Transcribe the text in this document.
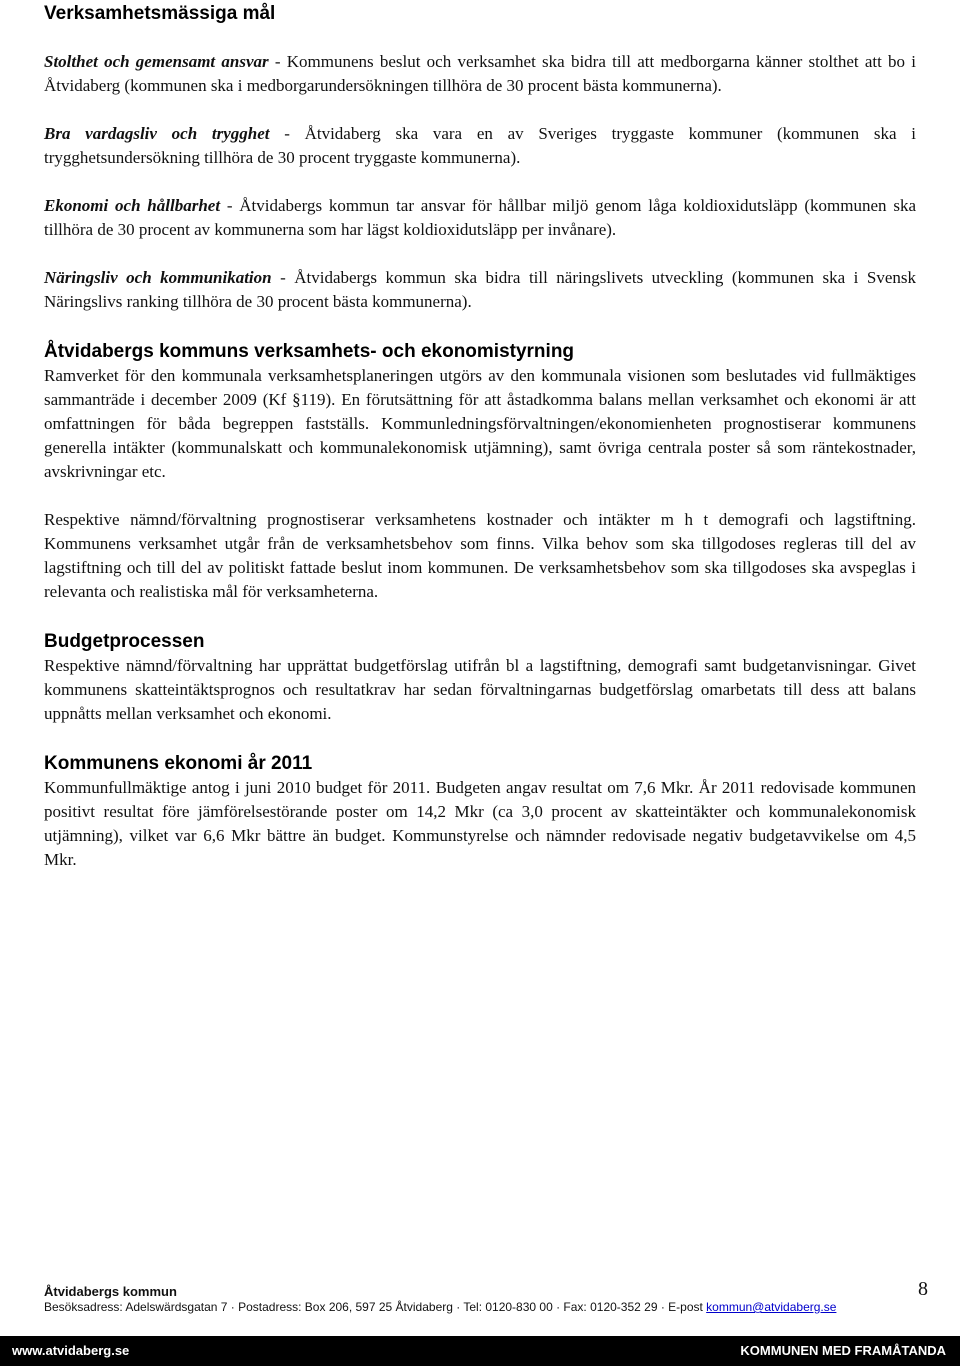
Verksamhetsmässiga mål

Stolthet och gemensamt ansvar - Kommunens beslut och verksamhet ska bidra till att medborgarna känner stolthet att bo i Åtvidaberg (kommunen ska i medborgarundersökningen tillhöra de 30 procent bästa kommunerna).

Bra vardagsliv och trygghet - Åtvidaberg ska vara en av Sveriges tryggaste kommuner (kommunen ska i trygghetsundersökning tillhöra de 30 procent tryggaste kommunerna).

Ekonomi och hållbarhet - Åtvidabergs kommun tar ansvar för hållbar miljö genom låga koldioxidutsläpp (kommunen ska tillhöra de 30 procent av kommunerna som har lägst koldioxidutsläpp per invånare).

Näringsliv och kommunikation - Åtvidabergs kommun ska bidra till näringslivets utveckling (kommunen ska i Svensk Näringslivs ranking tillhöra de 30 procent bästa kommunerna).

Åtvidabergs kommuns verksamhets- och ekonomistyrning

Ramverket för den kommunala verksamhetsplaneringen utgörs av den kommunala visionen som beslutades vid fullmäktiges sammanträde i december 2009 (Kf §119). En förutsättning för att åstadkomma balans mellan verksamhet och ekonomi är att omfattningen för båda begreppen fastställs. Kommunledningsförvaltningen/ekonomienheten prognostiserar kommunens generella intäkter (kommunalskatt och kommunalekonomisk utjämning), samt övriga centrala poster så som räntekostnader, avskrivningar etc.

Respektive nämnd/förvaltning prognostiserar verksamhetens kostnader och intäkter m h t demografi och lagstiftning. Kommunens verksamhet utgår från de verksamhetsbehov som finns. Vilka behov som ska tillgodoses regleras till del av lagstiftning och till del av politiskt fattade beslut inom kommunen. De verksamhetsbehov som ska tillgodoses ska avspeglas i relevanta och realistiska mål för verksamheterna.

Budgetprocessen

Respektive nämnd/förvaltning har upprättat budgetförslag utifrån bl a lagstiftning, demografi samt budgetanvisningar. Givet kommunens skatteintäktsprognos och resultatkrav har sedan förvaltningarnas budgetförslag omarbetats till dess att balans uppnåtts mellan verksamhet och ekonomi.

Kommunens ekonomi år 2011

Kommunfullmäktige antog i juni 2010 budget för 2011. Budgeten angav resultat om 7,6 Mkr. År 2011 redovisade kommunen positivt resultat före jämförelsestörande poster om 14,2 Mkr (ca 3,0 procent av skatteintäkter och kommunalekonomisk utjämning), vilket var 6,6 Mkr bättre än budget. Kommunstyrelse och nämnder redovisade negativ budgetavvikelse om 4,5 Mkr.

Åtvidabergs kommun	8
Besöksadress: Adelswärdsgatan 7 · Postadress: Box 206, 597 25 Åtvidaberg · Tel: 0120-830 00 · Fax: 0120-352 29 · E-post kommun@atvidaberg.se
www.atvidaberg.se	KOMMUNEN MED FRAMÅTANDA
